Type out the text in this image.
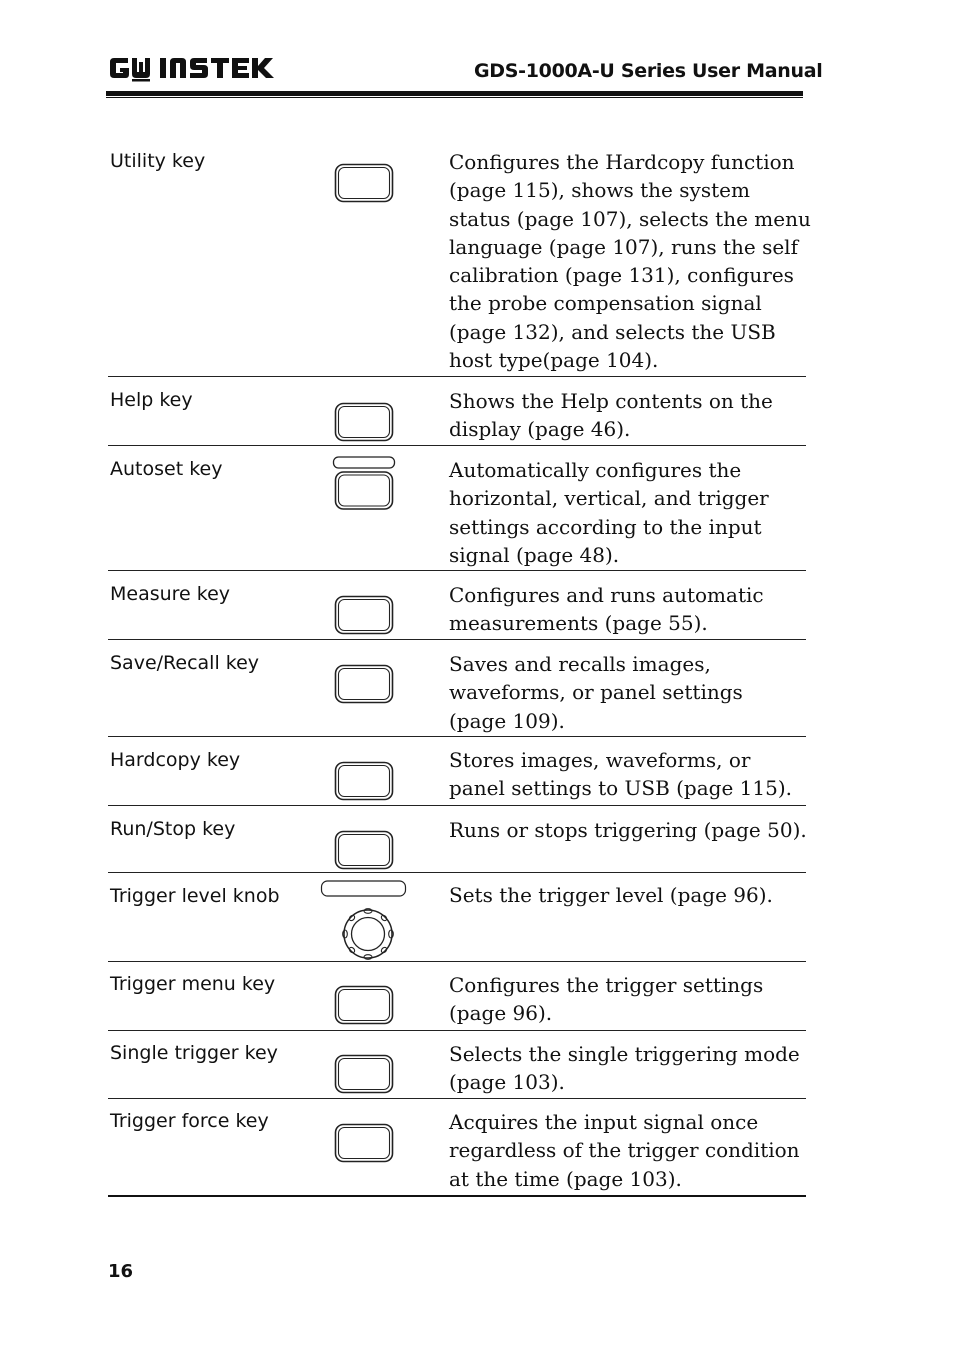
GDS-1000A-U Series User Manual
Utility key	Configures the Hardcopy function
(page 115), shows the system
status (page 107), selects the menu
language (page 107), runs the self
calibration (page 131), configures
the probe compensation signal
(page 132), and selects the USB
host type(page 104).
Help key	Shows the Help contents on the
display (page 46).
Autoset key	Automatically configures the
horizontal, vertical, and trigger
settings according to the input
signal (page 48).
Measure key	Configures and runs automatic
measurements (page 55).
Save/Recall key	Saves and recalls images,
waveforms, or panel settings
(page 109).
Hardcopy key	Stores images, waveforms, or
panel settings to USB (page 115).
Run/Stop key	Runs or stops triggering (page 50).
Trigger level knob	Sets the trigger level (page 96).
Trigger menu key	Configures the trigger settings
(page 96).
Single trigger key	Selects the single triggering mode
(page 103).
Trigger force key	Acquires the input signal once
regardless of the trigger condition
at the time (page 103).
16
